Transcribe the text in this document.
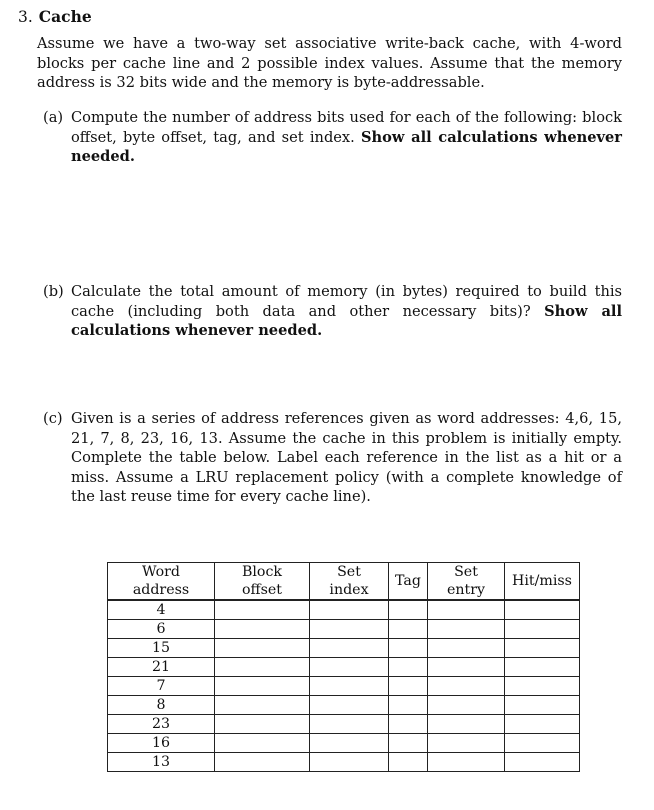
3. Cache
Assume we have a two-way set associative write-back cache, with 4-word blocks per cache line and 2 possible index values. Assume that the memory address is 32 bits wide and the memory is byte-addressable.
(a) Compute the number of address bits used for each of the following: block offset, byte offset, tag, and set index. Show all calculations whenever needed.
(b) Calculate the total amount of memory (in bytes) required to build this cache (including both data and other necessary bits)? Show all calculations whenever needed.
(c) Given is a series of address references given as word addresses: 4,6, 15, 21, 7, 8, 23, 16, 13. Assume the cache in this problem is initially empty. Complete the table below. Label each reference in the list as a hit or a miss. Assume a LRU replacement policy (with a complete knowledge of the last reuse time for every cache line).
Word address	Block offset	Set index	Tag	Set entry	Hit/miss
4					
6					
15					
21					
7					
8					
23					
16					
13					
